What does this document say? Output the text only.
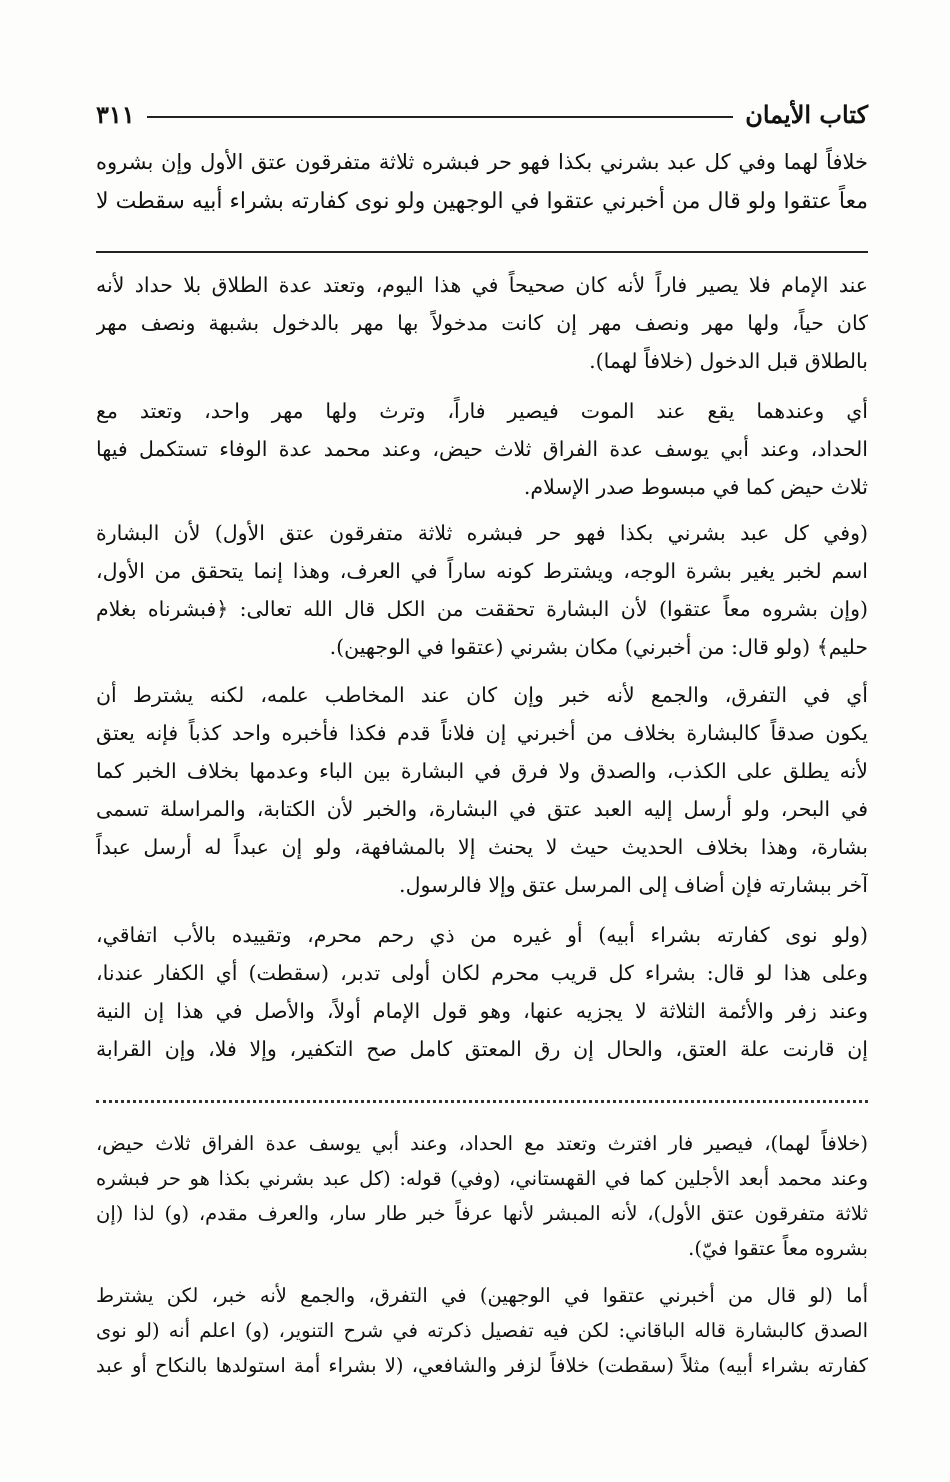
كتاب الأيمان
٣١١
خلافاً لهما وفي كل عبد بشرني بكذا فهو حر فبشره ثلاثة متفرقون عتق الأول وإن بشروه
معاً عتقوا ولو قال من أخبرني عتقوا في الوجهين ولو نوى كفارته بشراء أبيه سقطت لا
عند الإمام فلا يصير فاراً لأنه كان صحيحاً في هذا اليوم، وتعتد عدة الطلاق بلا حداد لأنه
كان حياً، ولها مهر ونصف مهر إن كانت مدخولاً بها مهر بالدخول بشبهة ونصف مهر
بالطلاق قبل الدخول (خلافاً لهما).
أي وعندهما يقع عند الموت فيصير فاراً، وترث ولها مهر واحد، وتعتد مع
الحداد، وعند أبي يوسف عدة الفراق ثلاث حيض، وعند محمد عدة الوفاء تستكمل فيها
ثلاث حيض كما في مبسوط صدر الإسلام.
(وفي كل عبد بشرني بكذا فهو حر فبشره ثلاثة متفرقون عتق الأول) لأن البشارة
اسم لخبر يغير بشرة الوجه، ويشترط كونه ساراً في العرف، وهذا إنما يتحقق من الأول،
(وإن بشروه معاً عتقوا) لأن البشارة تحققت من الكل قال الله تعالى: ﴿فبشرناه بغلام
حليم﴾ (ولو قال: من أخبرني) مكان بشرني (عتقوا في الوجهين).
أي في التفرق، والجمع لأنه خبر وإن كان عند المخاطب علمه، لكنه يشترط أن
يكون صدقاً كالبشارة بخلاف من أخبرني إن فلاناً قدم فكذا فأخبره واحد كذباً فإنه يعتق
لأنه يطلق على الكذب، والصدق ولا فرق في البشارة بين الباء وعدمها بخلاف الخبر كما
في البحر، ولو أرسل إليه العبد عتق في البشارة، والخبر لأن الكتابة، والمراسلة تسمى
بشارة، وهذا بخلاف الحديث حيث لا يحنث إلا بالمشافهة، ولو إن عبداً له أرسل عبداً
آخر ببشارته فإن أضاف إلى المرسل عتق وإلا فالرسول.
(ولو نوى كفارته بشراء أبيه) أو غيره من ذي رحم محرم، وتقييده بالأب اتفاقي،
وعلى هذا لو قال: بشراء كل قريب محرم لكان أولى تدبر، (سقطت) أي الكفار عندنا،
وعند زفر والأئمة الثلاثة لا يجزيه عنها، وهو قول الإمام أولاً، والأصل في هذا إن النية
إن قارنت علة العتق، والحال إن رق المعتق كامل صح التكفير، وإلا فلا، وإن القرابة
(خلافاً لهما)، فيصير فار افترث وتعتد مع الحداد، وعند أبي يوسف عدة الفراق ثلاث حيض،
وعند محمد أبعد الأجلين كما في القهستاني، (وفي) قوله: (كل عبد بشرني بكذا هو حر فبشره
ثلاثة متفرقون عتق الأول)، لأنه المبشر لأنها عرفاً خبر طار سار، والعرف مقدم، (و) لذا (إن
بشروه معاً عتقوا فيّ).
أما (لو قال من أخبرني عتقوا في الوجهين) في التفرق، والجمع لأنه خبر، لكن يشترط
الصدق كالبشارة قاله الباقاني: لكن فيه تفصيل ذكرته في شرح التنوير، (و) اعلم أنه (لو نوى
كفارته بشراء أبيه) مثلاً (سقطت) خلافاً لزفر والشافعي، (لا بشراء أمة استولدها بالنكاح أو عبد
